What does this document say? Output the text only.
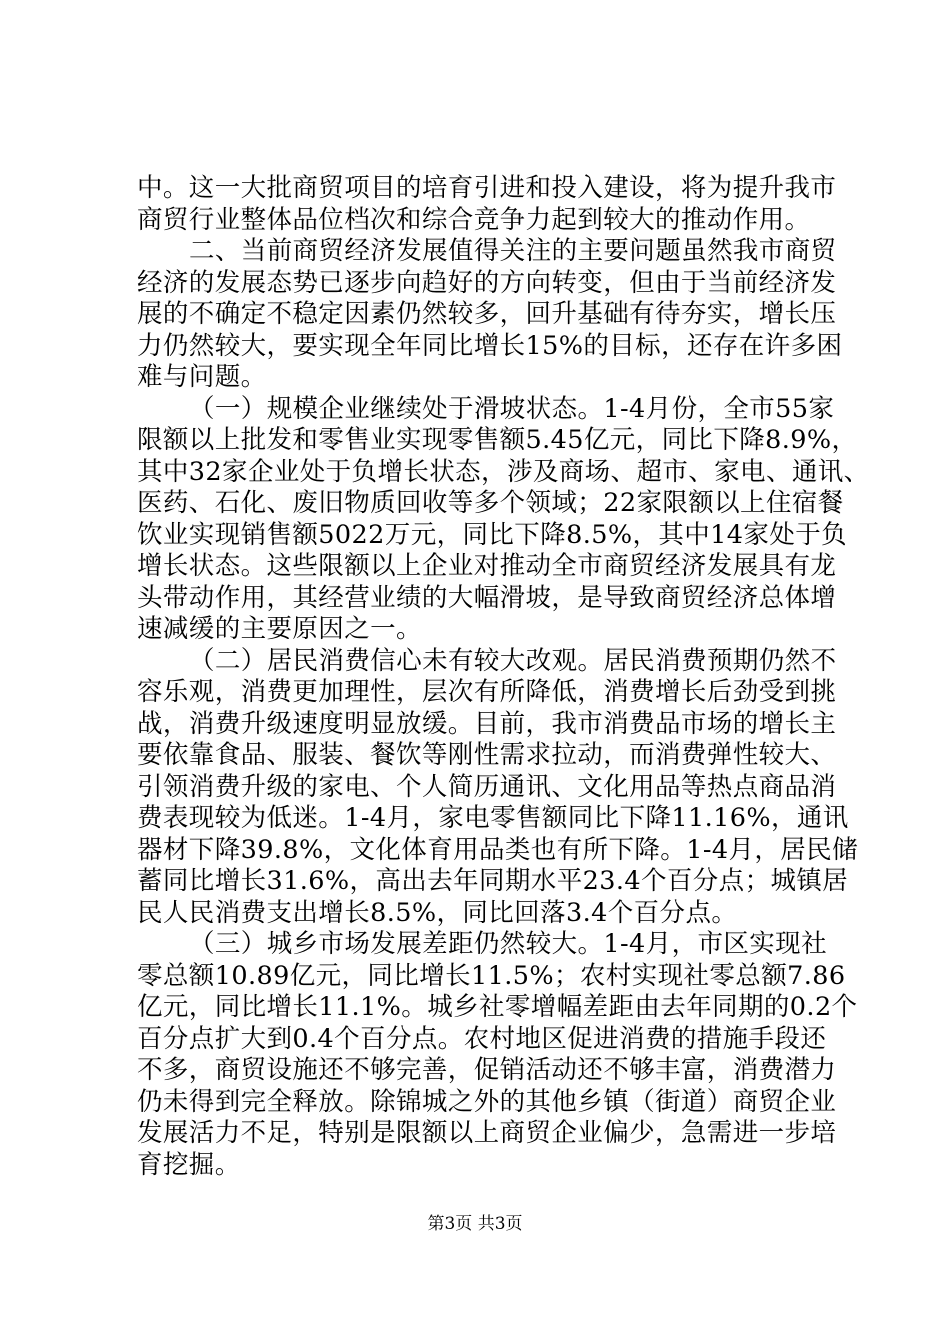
中。这一大批商贸项目的培育引进和投入建设，将为提升我市
商贸行业整体品位档次和综合竞争力起到较大的推动作用。
二、当前商贸经济发展值得关注的主要问题虽然我市商贸
经济的发展态势已逐步向趋好的方向转变，但由于当前经济发
展的不确定不稳定因素仍然较多，回升基础有待夯实，增长压
力仍然较大，要实现全年同比增长15%的目标，还存在许多困
难与问题。
（一）规模企业继续处于滑坡状态。1-4月份，全市55家
限额以上批发和零售业实现零售额5.45亿元，同比下降8.9%，
其中32家企业处于负增长状态，涉及商场、超市、家电、通讯、
医药、石化、废旧物质回收等多个领域；22家限额以上住宿餐
饮业实现销售额5022万元，同比下降8.5%，其中14家处于负
增长状态。这些限额以上企业对推动全市商贸经济发展具有龙
头带动作用，其经营业绩的大幅滑坡，是导致商贸经济总体增
速减缓的主要原因之一。
（二）居民消费信心未有较大改观。居民消费预期仍然不
容乐观，消费更加理性，层次有所降低，消费增长后劲受到挑
战，消费升级速度明显放缓。目前，我市消费品市场的增长主
要依靠食品、服装、餐饮等刚性需求拉动，而消费弹性较大、
引领消费升级的家电、个人简历通讯、文化用品等热点商品消
费表现较为低迷。1-4月，家电零售额同比下降11.16%，通讯
器材下降39.8%，文化体育用品类也有所下降。1-4月，居民储
蓄同比增长31.6%，高出去年同期水平23.4个百分点；城镇居
民人民消费支出增长8.5%，同比回落3.4个百分点。
（三）城乡市场发展差距仍然较大。1-4月，市区实现社
零总额10.89亿元，同比增长11.5%；农村实现社零总额7.86
亿元，同比增长11.1%。城乡社零增幅差距由去年同期的0.2个
百分点扩大到0.4个百分点。农村地区促进消费的措施手段还
不多，商贸设施还不够完善，促销活动还不够丰富，消费潜力
仍未得到完全释放。除锦城之外的其他乡镇（街道）商贸企业
发展活力不足，特别是限额以上商贸企业偏少，急需进一步培
育挖掘。
第3页 共3页
